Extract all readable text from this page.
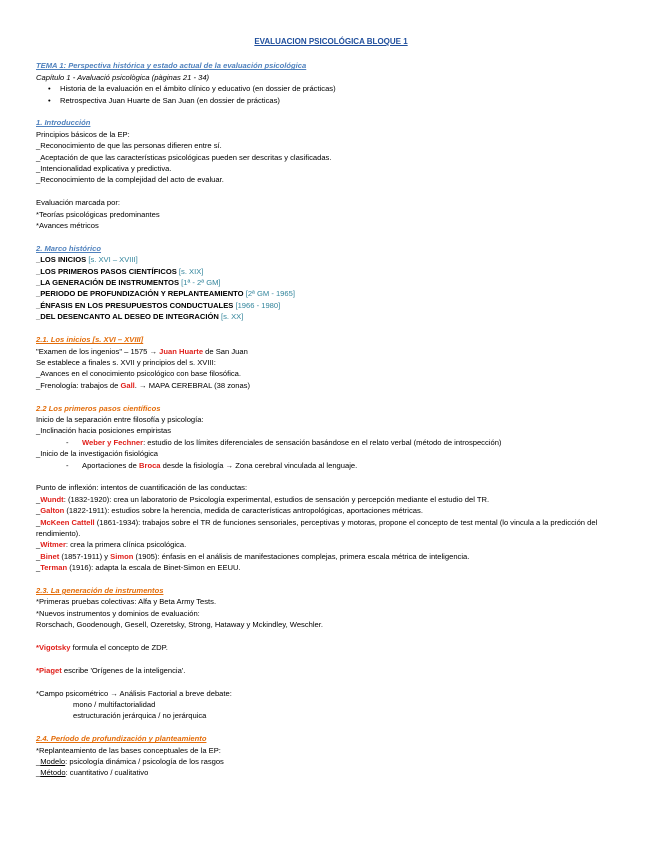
EVALUACION PSICOLÓGICA BLOQUE 1

TEMA 1: Perspectiva histórica y estado actual de la evaluación psicológica

Capítulo 1 - Avaluació psicològica (pàginas 21 - 34)

• Historia de la evaluación en el ámbito clínico y educativo (en dossier de prácticas)

• Retrospectiva Juan Huarte de San Juan (en dossier de prácticas)

1. Introducción

Principios básicos de la EP:

_Reconocimiento de que las personas difieren entre sí.

_Aceptación de que las características psicológicas pueden ser descritas y clasificadas.

_Intencionalidad explicativa y predictiva.

_Reconocimiento de la complejidad del acto de evaluar.

Evaluación marcada por:

*Teorías psicológicas predominantes

*Avances métricos

2. Marco histórico

_LOS INICIOS [s. XVI – XVIII]

_LOS PRIMEROS PASOS CIENTÍFICOS [s. XIX]

_LA GENERACIÓN DE INSTRUMENTOS [1ª - 2ª GM]

_PERIODO DE PROFUNDIZACIÓN Y REPLANTEAMIENTO [2ª GM - 1965]

_ÉNFASIS EN LOS PRESUPUESTOS CONDUCTUALES [1966 - 1980]

_DEL DESENCANTO AL DESEO DE INTEGRACIÓN [s. XX]

2.1. Los inicios [s. XVI – XVIII]

"Examen de los ingenios" – 1575 → Juan Huarte de San Juan

Se establece a finales s. XVII y principios del s. XVIII:

_Avances en el conocimiento psicológico con base filosófica.

_Frenología: trabajos de Gall. → MAPA CEREBRAL (38 zonas)

2.2 Los primeros pasos científicos

Inicio de la separación entre filosofía y psicología:

_Inclinación hacia posiciones empiristas

- Weber y Fechner: estudio de los límites diferenciales de sensación basándose en el relato verbal (método de introspección)

_Inicio de la investigación fisiológica

- Aportaciones de Broca desde la fisiología → Zona cerebral vinculada al lenguaje.

Punto de inflexión: intentos de cuantificación de las conductas:

_Wundt: (1832-1920): crea un laboratorio de Psicología experimental, estudios de sensación y percepción mediante el estudio del TR.

_Galton (1822-1911): estudios sobre la herencia, medida de características antropológicas, aportaciones métricas.

_McKeen Cattell (1861-1934): trabajos sobre el TR de funciones sensoriales, perceptivas y motoras, propone el concepto de test mental (lo vincula a la predicción del rendimiento).

_Witmer: crea la primera clínica psicológica.

_Binet (1857-1911) y Simon (1905): énfasis en el análisis de manifestaciones complejas, primera escala métrica de inteligencia.

_Terman (1916): adapta la escala de Binet-Simon en EEUU.

2.3. La generación de instrumentos

*Primeras pruebas colectivas: Alfa y Beta Army Tests.

*Nuevos instrumentos y dominios de evaluación:

Rorschach, Goodenough, Gesell, Ozeretsky, Strong, Hataway y Mckindley, Weschler.

*Vigotsky formula el concepto de ZDP.

*Piaget escribe 'Orígenes de la inteligencia'.

*Campo psicométrico → Análisis Factorial a breve debate:

mono / multifactorialidad

estructuración jerárquica / no jerárquica

2.4. Período de profundización y planteamiento

*Replanteamiento de las bases conceptuales de la EP:

_Modelo: psicología dinámica / psicología de los rasgos

_Método: cuantitativo / cualitativo
